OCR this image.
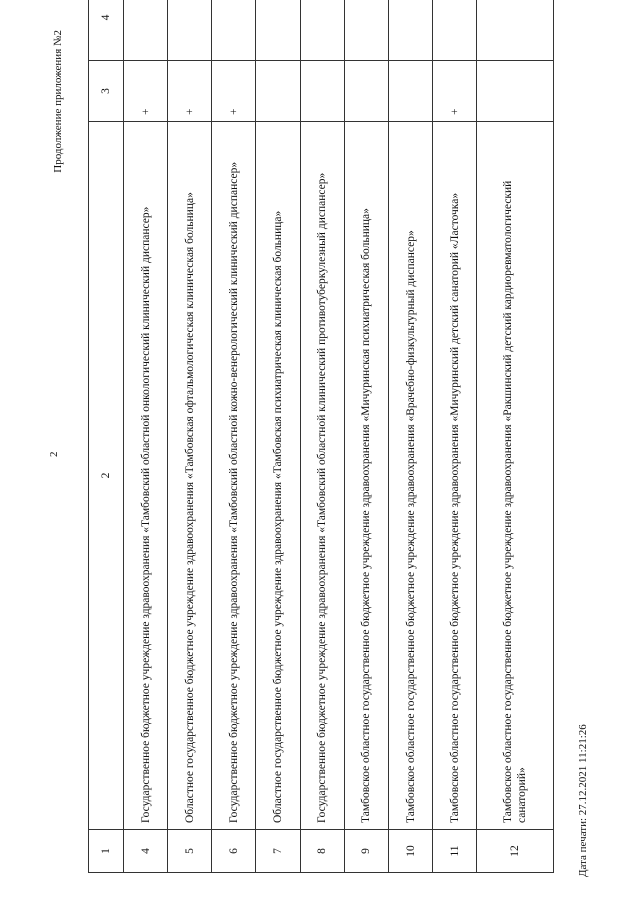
2
Продолжение приложения №2
1	2	3	4
4	Государственное бюджетное учреждение здравоохранения «Тамбовский областной онкологический клинический диспансер»	+	
5	Областное государственное бюджетное учреждение здравоохранения «Тамбовская офтальмологическая клиническая больница»	+	
6	Государственное бюджетное учреждение здравоохранения «Тамбовский областной кожно-венерологический клинический диспансер»	+	
7	Областное государственное бюджетное учреждение здравоохранения «Тамбовская психиатрическая клиническая больница»		
8	Государственное бюджетное учреждение здравоохранения «Тамбовский областной клинический противотуберкулезный диспансер»		
9	Тамбовское областное государственное бюджетное учреждение здравоохранения «Мичуринская психиатрическая больница»		
10	Тамбовское областное государственное бюджетное учреждение здравоохранения «Врачебно-физкультурный диспансер»		
11	Тамбовское областное государственное бюджетное учреждение здравоохранения «Мичуринский детский санаторий «Ласточка»	+	
12	Тамбовское областное государственное бюджетное учреждение здравоохранения «Ракшинский детский кардиоревматологический санаторий»			Дата печати: 27.12.2021 11:21:26
